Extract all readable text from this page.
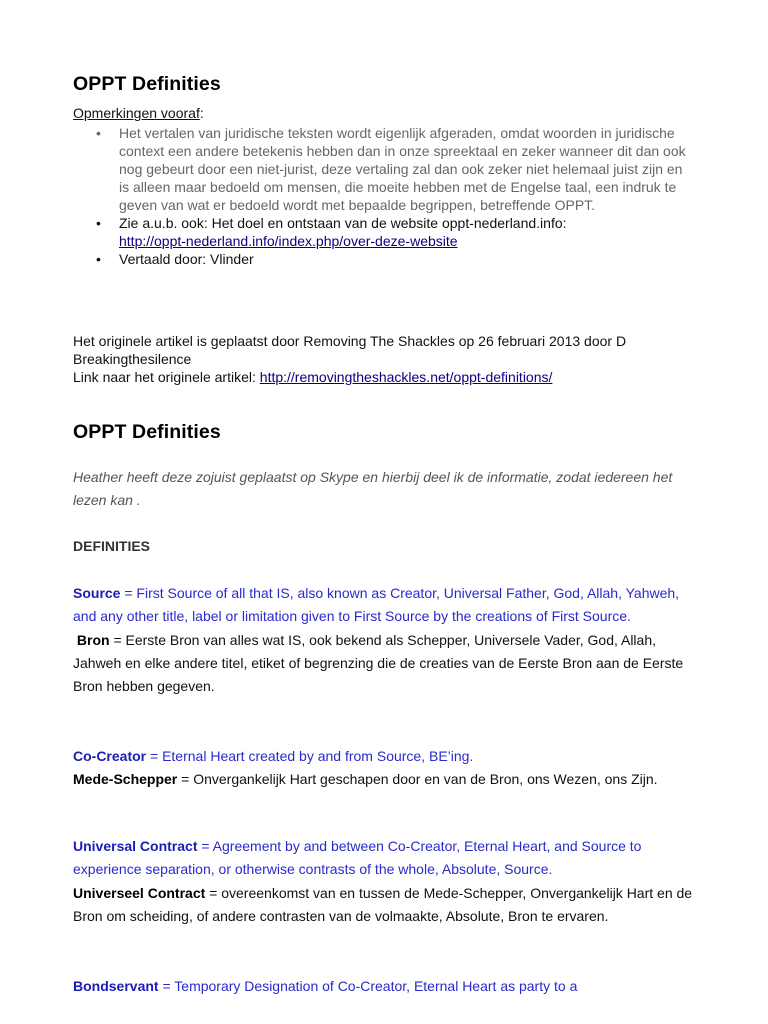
OPPT Definities
Opmerkingen vooraf:
• Het vertalen van juridische teksten wordt eigenlijk afgeraden, omdat woorden in juridische context een andere betekenis hebben dan in onze spreektaal en zeker wanneer dit dan ook nog gebeurt door een niet-jurist, deze vertaling zal dan ook zeker niet helemaal juist zijn en is alleen maar bedoeld om mensen, die moeite hebben met de Engelse taal, een indruk te geven van wat er bedoeld wordt met bepaalde begrippen, betreffende OPPT.
• Zie a.u.b. ook: Het doel en ontstaan van de website oppt-nederland.info:
http://oppt-nederland.info/index.php/over-deze-website
• Vertaald door: Vlinder
Het originele artikel is geplaatst door Removing The Shackles op 26 februari 2013 door D Breakingthesilence
Link naar het originele artikel: http://removingtheshackles.net/oppt-definitions/
OPPT Definities
Heather heeft deze zojuist geplaatst op Skype en hierbij deel ik de informatie, zodat iedereen het lezen kan .
DEFINITIES
Source = First Source of all that IS, also known as Creator, Universal Father, God, Allah, Yahweh, and any other title, label or limitation given to First Source by the creations of First Source.
Bron = Eerste Bron van alles wat IS, ook bekend als Schepper, Universele Vader, God, Allah, Jahweh en elke andere titel, etiket of begrenzing die de creaties van de Eerste Bron aan de Eerste Bron hebben gegeven.
Co-Creator = Eternal Heart created by and from Source, BE’ing.
Mede-Schepper = Onvergankelijk Hart geschapen door en van de Bron, ons Wezen, ons Zijn.
Universal Contract = Agreement by and between Co-Creator, Eternal Heart, and Source to experience separation, or otherwise contrasts of the whole, Absolute, Source.
Universeel Contract = overeenkomst van en tussen de Mede-Schepper, Onvergankelijk Hart en de Bron om scheiding, of andere contrasten van de volmaakte, Absolute, Bron te ervaren.
Bondservant = Temporary Designation of Co-Creator, Eternal Heart as party to a
